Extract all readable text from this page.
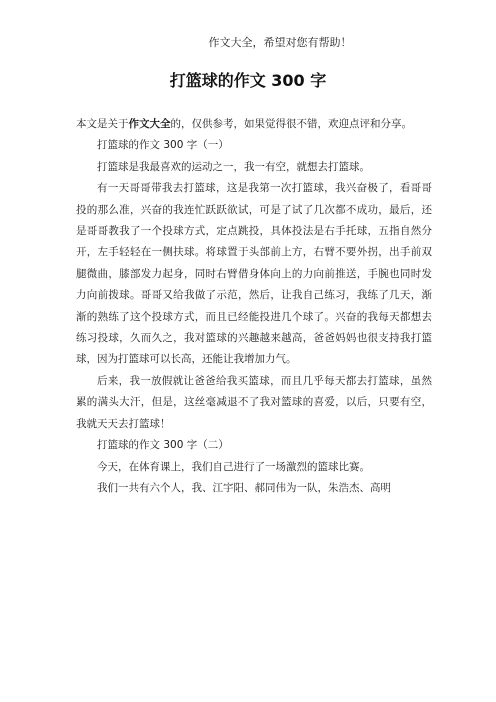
作文大全，希望对您有帮助！
打篮球的作文 300 字

本文是关于作文大全的，仅供参考，如果觉得很不错，欢迎点评和分享。

打篮球的作文 300 字（一）

打篮球是我最喜欢的运动之一，我一有空，就想去打篮球。

有一天哥哥带我去打篮球，这是我第一次打篮球，我兴奋极了，看哥哥投的那么准，兴奋的我连忙跃跃欲试，可是了试了几次都不成功，最后，还是哥哥教我了一个投球方式，定点跳投，具体投法是右手托球，五指自然分开，左手轻轻在一侧扶球。将球置于头部前上方，右臂不要外拐，出手前双腿微曲，膝部发力起身，同时右臂借身体向上的力向前推送，手腕也同时发力向前拨球。哥哥又给我做了示范，然后，让我自己练习，我练了几天，渐渐的熟练了这个投球方式，而且已经能投进几个球了。兴奋的我每天都想去练习投球，久而久之，我对篮球的兴趣越来越高，爸爸妈妈也很支持我打篮球，因为打篮球可以长高，还能让我增加力气。

后来，我一放假就让爸爸给我买篮球，而且几乎每天都去打篮球，虽然累的满头大汗，但是，这丝毫减退不了我对篮球的喜爱，以后，只要有空，我就天天去打篮球！

打篮球的作文 300 字（二）

今天，在体育课上，我们自己进行了一场激烈的篮球比赛。

我们一共有六个人，我、江宇阳、郝同伟为一队，朱浩杰、高明
